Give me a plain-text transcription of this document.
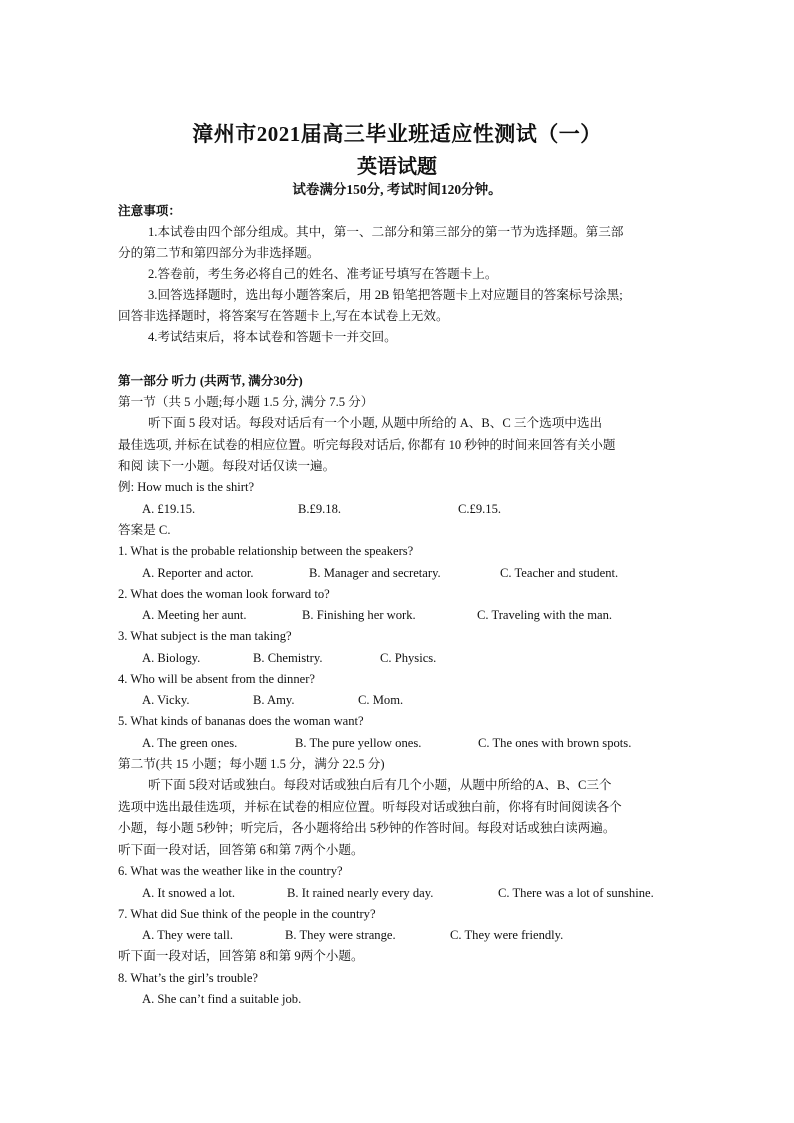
漳州市2021届高三毕业班适应性测试（一）
英语试题
试卷满分150分, 考试时间120分钟。
注意事项：
1.本试卷由四个部分组成。其中，第一、二部分和第三部分的第一节为选择题。第三部
分的第二节和第四部分为非选择题。
2.答卷前，考生务必将自己的姓名、准考证号填写在答题卡上。
3.回答选择题时，选出每小题答案后，用 2B 铅笔把答题卡上对应题目的答案标号涂黑;
回答非选择题时，将答案写在答题卡上,写在本试卷上无效。
4.考试结束后，将本试卷和答题卡一并交回。
第一部分 听力 (共两节, 满分30分)
第一节（共 5 小题;每小题 1.5 分, 满分 7.5 分）
听下面 5 段对话。每段对话后有一个小题, 从题中所给的 A、B、C 三个选项中选出
最佳选项, 并标在试卷的相应位置。听完每段对话后, 你都有 10 秒钟的时间来回答有关小题
和阅 读下一小题。每段对话仅读一遍。
例: How much is the shirt?
A. £19.15.	B.£9.18.	C.£9.15.
答案是 C.
1. What is the probable relationship between the speakers?
A. Reporter and actor.	B. Manager and secretary.	C. Teacher and student.
2. What does the woman look forward to?
A. Meeting her aunt.	B. Finishing her work.	C. Traveling with the man.
3. What subject is the man taking?
A. Biology.	B. Chemistry.	C. Physics.
4. Who will be absent from the dinner?
A. Vicky.	B. Amy.	C. Mom.
5. What kinds of bananas does the woman want?
A. The green ones.	B. The pure yellow ones.	C. The ones with brown spots.
第二节(共 15 小题；每小题 1.5 分，满分 22.5 分)
听下面 5段对话或独白。每段对话或独白后有几个小题，从题中所给的A、B、C三个
选项中选出最佳选项，并标在试卷的相应位置。听每段对话或独白前，你将有时间阅读各个
小题，每小题 5秒钟；听完后，各小题将给出 5秒钟的作答时间。每段对话或独白读两遍。
听下面一段对话，回答第 6和第 7两个小题。
6. What was the weather like in the country?
A. It snowed a lot.	B. It rained nearly every day.	C. There was a lot of sunshine.
7. What did Sue think of the people in the country?
A. They were tall.	B. They were strange.	C. They were friendly.
听下面一段对话，回答第 8和第 9两个小题。
8. What’s the girl’s trouble?
A. She can’t find a suitable job.
